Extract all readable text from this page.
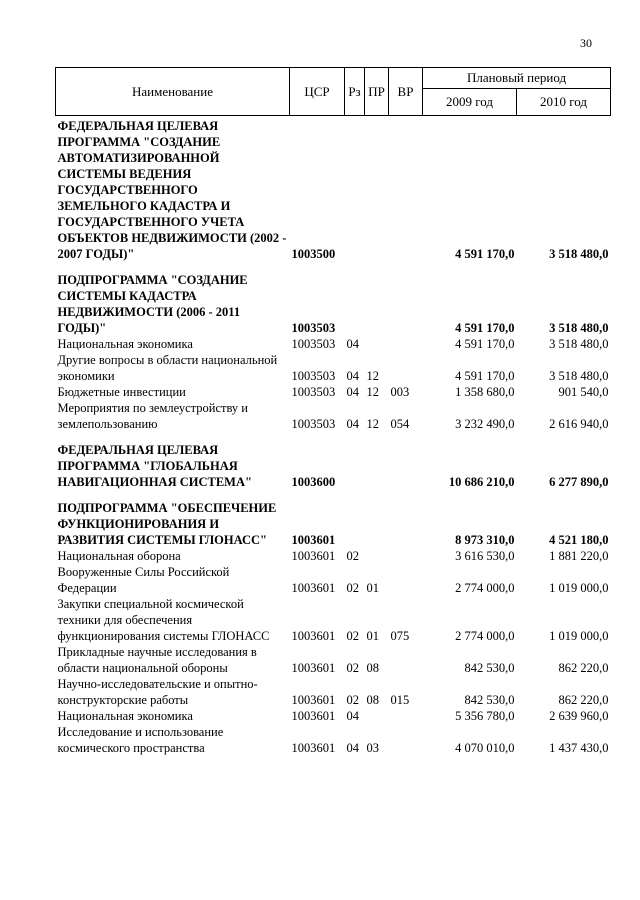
30
Наименование	ЦСР	Рз	ПР	ВР	Плановый период	
					2009 год	2010 год
ФЕДЕРАЛЬНАЯ ЦЕЛЕВАЯ ПРОГРАММА "СОЗДАНИЕ АВТОМАТИЗИРОВАННОЙ СИСТЕМЫ ВЕДЕНИЯ ГОСУДАРСТВЕННОГО ЗЕМЕЛЬНОГО КАДАСТРА И ГОСУДАРСТВЕННОГО УЧЕТА ОБЪЕКТОВ НЕДВИЖИМОСТИ (2002 - 2007 ГОДЫ)"	1003500				4 591 170,0	3 518 480,0
ПОДПРОГРАММА "СОЗДАНИЕ СИСТЕМЫ КАДАСТРА НЕДВИЖИМОСТИ (2006 - 2011 ГОДЫ)"	1003503				4 591 170,0	3 518 480,0
Национальная экономика	1003503	04			4 591 170,0	3 518 480,0
Другие вопросы в области национальной экономики	1003503	04	12		4 591 170,0	3 518 480,0
Бюджетные инвестиции	1003503	04	12	003	1 358 680,0	901 540,0
Мероприятия по землеустройству и землепользованию	1003503	04	12	054	3 232 490,0	2 616 940,0
ФЕДЕРАЛЬНАЯ ЦЕЛЕВАЯ ПРОГРАММА "ГЛОБАЛЬНАЯ НАВИГАЦИОННАЯ СИСТЕМА"	1003600				10 686 210,0	6 277 890,0
ПОДПРОГРАММА "ОБЕСПЕЧЕНИЕ ФУНКЦИОНИРОВАНИЯ И РАЗВИТИЯ СИСТЕМЫ ГЛОНАСС"	1003601				8 973 310,0	4 521 180,0
Национальная оборона	1003601	02			3 616 530,0	1 881 220,0
Вооруженные Силы Российской Федерации	1003601	02	01		2 774 000,0	1 019 000,0
Закупки специальной космической техники для обеспечения функционирования системы ГЛОНАСС	1003601	02	01	075	2 774 000,0	1 019 000,0
Прикладные научные исследования в области национальной обороны	1003601	02	08		842 530,0	862 220,0
Научно-исследовательские и опытно-конструкторские работы	1003601	02	08	015	842 530,0	862 220,0
Национальная экономика	1003601	04			5 356 780,0	2 639 960,0
Исследование и использование космического пространства	1003601	04	03		4 070 010,0	1 437 430,0
